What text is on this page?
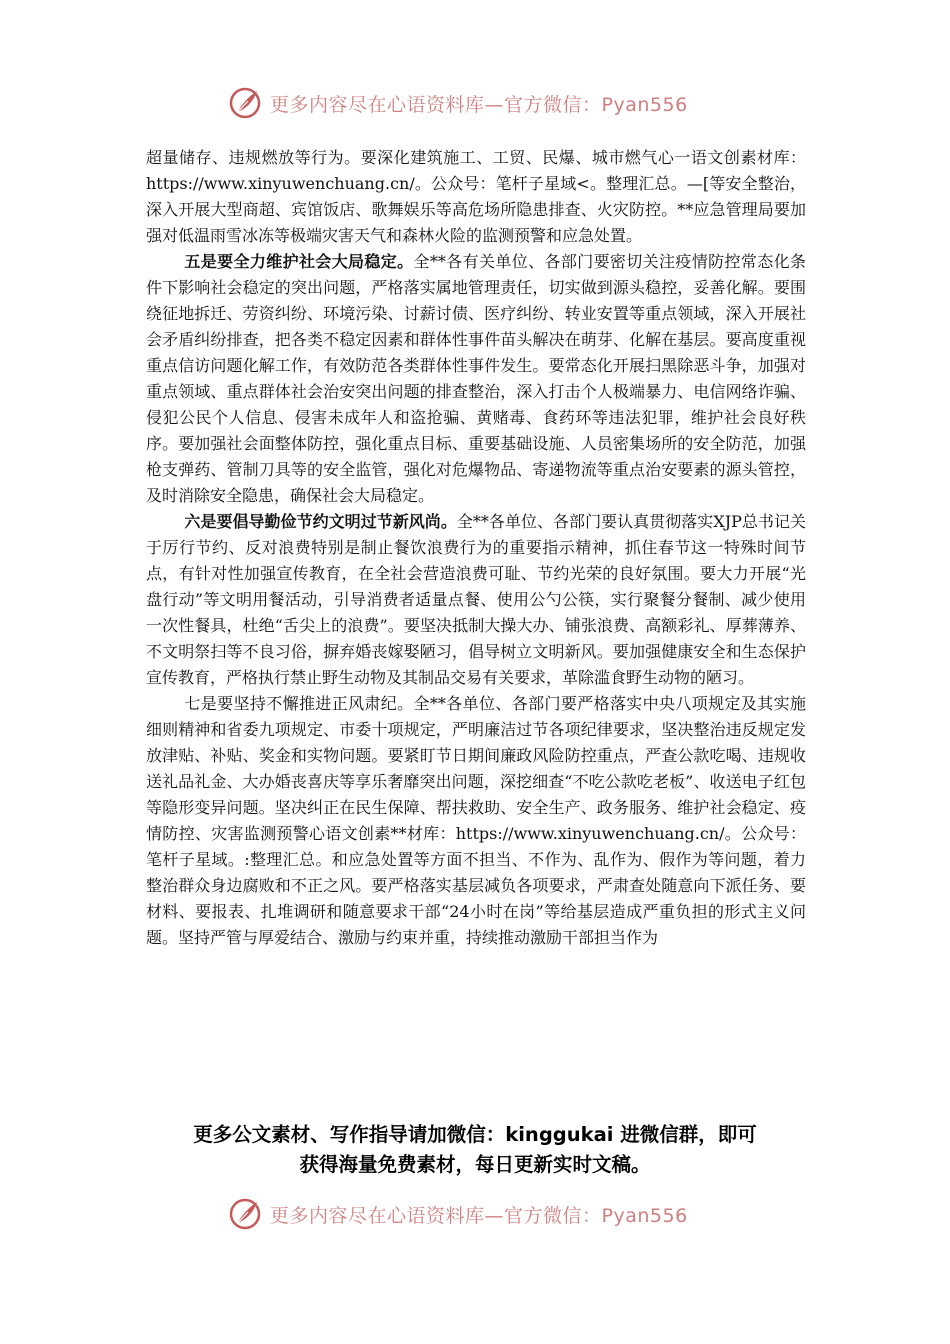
更多内容尽在心语资料库—官方微信：Pyan556

超量储存、违规燃放等行为。要深化建筑施工、工贸、民爆、城市燃气心一语文创素材库：https://www.xinyuwenchuang.cn/。公众号：笔杆子星域<。整理汇总。—[等安全整治，深入开展大型商超、宾馆饭店、歌舞娱乐等高危场所隐患排查、火灾防控。**应急管理局要加强对低温雨雪冰冻等极端灾害天气和森林火险的监测预警和应急处置。

五是要全力维护社会大局稳定。全**各有关单位、各部门要密切关注疫情防控常态化条件下影响社会稳定的突出问题，严格落实属地管理责任，切实做到源头稳控，妥善化解。要围绕征地拆迁、劳资纠纷、环境污染、讨薪讨债、医疗纠纷、转业安置等重点领域，深入开展社会矛盾纠纷排查，把各类不稳定因素和群体性事件苗头解决在萌芽、化解在基层。要高度重视重点信访问题化解工作，有效防范各类群体性事件发生。要常态化开展扫黑除恶斗争，加强对重点领域、重点群体社会治安突出问题的排查整治，深入打击个人极端暴力、电信网络诈骗、侵犯公民个人信息、侵害未成年人和盗抢骗、黄赌毒、食药环等违法犯罪，维护社会良好秩序。要加强社会面整体防控，强化重点目标、重要基础设施、人员密集场所的安全防范，加强枪支弹药、管制刀具等的安全监管，强化对危爆物品、寄递物流等重点治安要素的源头管控，及时消除安全隐患，确保社会大局稳定。

六是要倡导勤俭节约文明过节新风尚。全**各单位、各部门要认真贯彻落实XJP总书记关于厉行节约、反对浪费特别是制止餐饮浪费行为的重要指示精神，抓住春节这一特殊时间节点，有针对性加强宣传教育，在全社会营造浪费可耻、节约光荣的良好氛围。要大力开展“光盘行动”等文明用餐活动，引导消费者适量点餐、使用公勺公筷，实行聚餐分餐制、减少使用一次性餐具，杜绝“舌尖上的浪费”。要坚决抵制大操大办、铺张浪费、高额彩礼、厚葬薄养、不文明祭扫等不良习俗，摒弃婚丧嫁娶陋习，倡导树立文明新风。要加强健康安全和生态保护宣传教育，严格执行禁止野生动物及其制品交易有关要求，革除滥食野生动物的陋习。

七是要坚持不懈推进正风肃纪。全**各单位、各部门要严格落实中央八项规定及其实施细则精神和省委九项规定、市委十项规定，严明廉洁过节各项纪律要求，坚决整治违反规定发放津贴、补贴、奖金和实物问题。要紧盯节日期间廉政风险防控重点，严查公款吃喝、违规收送礼品礼金、大办婚丧喜庆等享乐奢靡突出问题，深挖细查“不吃公款吃老板”、收送电子红包等隐形变异问题。坚决纠正在民生保障、帮扶救助、安全生产、政务服务、维护社会稳定、疫情防控、灾害监测预警心语文创素**材库：https://www.xinyuwenchuang.cn/。公众号：笔杆子星域。:整理汇总。和应急处置等方面不担当、不作为、乱作为、假作为等问题，着力整治群众身边腐败和不正之风。要严格落实基层减负各项要求，严肃查处随意向下派任务、要材料、要报表、扎堆调研和随意要求干部“24小时在岗”等给基层造成严重负担的形式主义问题。坚持严管与厚爱结合、激励与约束并重，持续推动激励干部担当作为

更多公文素材、写作指导请加微信：kinggukai 进微信群，即可
获得海量免费素材，每日更新实时文稿。
更多内容尽在心语资料库—官方微信：Pyan556
